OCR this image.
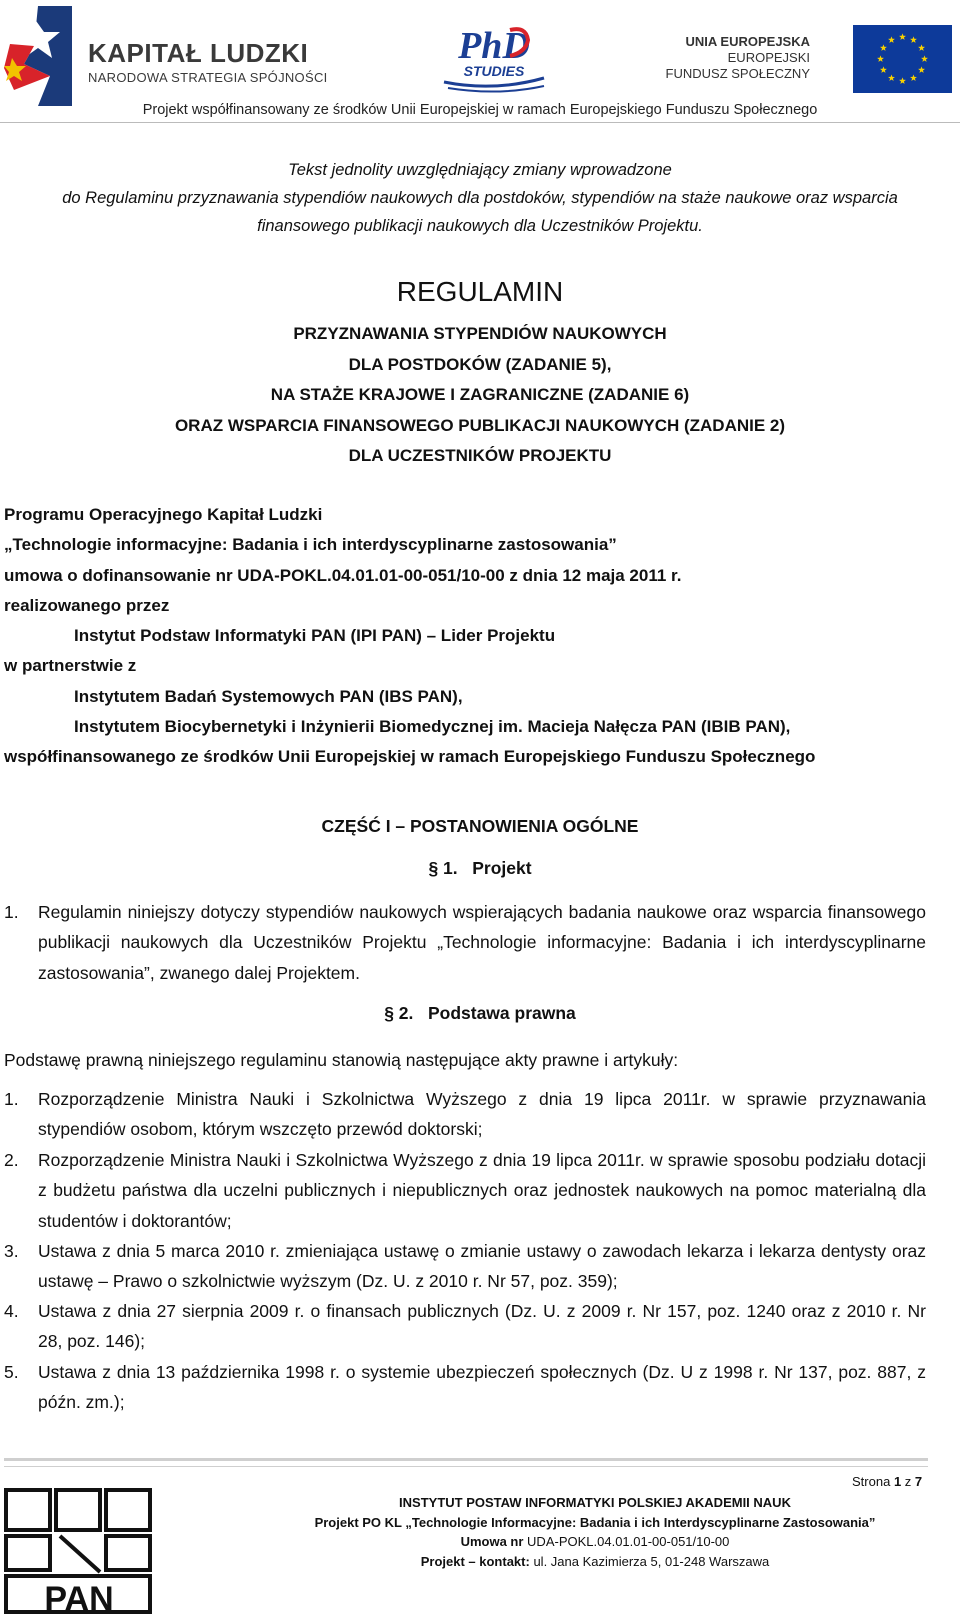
KAPITAŁ LUDZKI
NARODOWA STRATEGIA SPÓJNOŚCI
PhD
STUDIES
UNIA EUROPEJSKA
EUROPEJSKI
FUNDUSZ SPOŁECZNY
Projekt współfinansowany ze środków Unii Europejskiej w ramach Europejskiego Funduszu Społecznego
Tekst jednolity uwzględniający zmiany wprowadzone
do Regulaminu przyznawania stypendiów naukowych dla postdoków, stypendiów na staże naukowe oraz wsparcia
finansowego publikacji naukowych dla Uczestników Projektu.
REGULAMIN
PRZYZNAWANIA STYPENDIÓW NAUKOWYCH
DLA POSTDOKÓW (ZADANIE 5),
NA STAŻE KRAJOWE I ZAGRANICZNE (ZADANIE 6)
ORAZ WSPARCIA FINANSOWEGO PUBLIKACJI NAUKOWYCH (ZADANIE 2)
DLA UCZESTNIKÓW PROJEKTU
Programu Operacyjnego Kapitał Ludzki
„Technologie informacyjne: Badania i ich interdyscyplinarne zastosowania”
umowa o dofinansowanie nr UDA-POKL.04.01.01-00-051/10-00 z dnia 12 maja 2011 r.
realizowanego przez
Instytut Podstaw Informatyki PAN (IPI PAN) – Lider Projektu
w partnerstwie z
Instytutem Badań Systemowych PAN (IBS PAN),
Instytutem Biocybernetyki i Inżynierii Biomedycznej im. Macieja Nałęcza PAN (IBIB PAN),
współfinansowanego ze środków Unii Europejskiej w ramach Europejskiego Funduszu Społecznego
CZĘŚĆ I – POSTANOWIENIA OGÓLNE
§ 1.   Projekt
1. Regulamin niniejszy dotyczy stypendiów naukowych wspierających badania naukowe oraz wsparcia finansowego publikacji naukowych dla Uczestników Projektu „Technologie informacyjne: Badania i ich interdyscyplinarne zastosowania”, zwanego dalej Projektem.
§ 2.   Podstawa prawna
Podstawę prawną niniejszego regulaminu stanowią następujące akty prawne i artykuły:
1. Rozporządzenie Ministra Nauki i Szkolnictwa Wyższego z dnia 19 lipca 2011r. w sprawie przyznawania stypendiów osobom, którym wszczęto przewód doktorski;
2. Rozporządzenie Ministra Nauki i Szkolnictwa Wyższego z dnia 19 lipca 2011r. w sprawie sposobu podziału dotacji z budżetu państwa dla uczelni publicznych i niepublicznych oraz jednostek naukowych na pomoc materialną dla studentów i doktorantów;
3. Ustawa z dnia 5 marca 2010 r. zmieniająca ustawę o zmianie ustawy o zawodach lekarza i lekarza dentysty oraz ustawę – Prawo o szkolnictwie wyższym (Dz. U. z 2010 r. Nr 57, poz. 359);
4. Ustawa z dnia 27 sierpnia 2009 r. o finansach publicznych (Dz. U. z 2009 r. Nr 157, poz. 1240 oraz z 2010 r. Nr 28, poz. 146);
5. Ustawa z dnia 13 października 1998 r. o systemie ubezpieczeń społecznych (Dz. U z 1998 r. Nr 137, poz. 887, z późn. zm.);
Strona 1 z 7
PAN
INSTYTUT POSTAW INFORMATYKI POLSKIEJ AKADEMII NAUK
Projekt PO KL „Technologie Informacyjne: Badania i ich Interdyscyplinarne Zastosowania”
Umowa nr UDA-POKL.04.01.01-00-051/10-00
Projekt – kontakt: ul. Jana Kazimierza 5, 01-248 Warszawa
